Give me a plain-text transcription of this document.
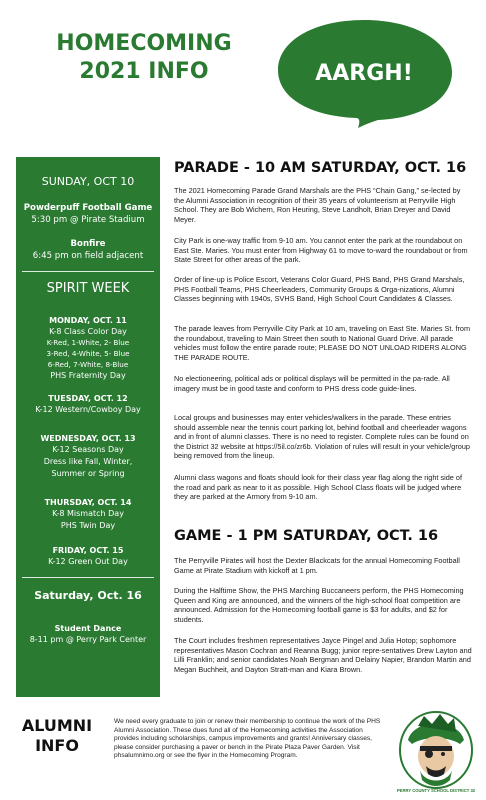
HOMECOMING
2021 INFO	AARGH!
SUNDAY, OCT 10
Powderpuff Football Game
5:30 pm @ Pirate Stadium
Bonfire
6:45 pm on field adjacent
SPIRIT WEEK
MONDAY, OCT. 11
K-8 Class Color Day
K-Red, 1-White, 2- Blue
3-Red, 4-White, 5- Blue
6-Red, 7-White, 8-Blue
PHS Fraternity Day
TUESDAY, OCT. 12
K-12 Western/Cowboy Day
WEDNESDAY, OCT. 13
K-12 Seasons Day
Dress like Fall, Winter,
Summer or Spring
THURSDAY, OCT. 14
K-8 Mismatch Day
PHS Twin Day
FRIDAY, OCT. 15
K-12 Green Out Day
Saturday, Oct. 16
Student Dance
8-11 pm @ Perry Park Center
PARADE - 10 AM SATURDAY, OCT. 16
The 2021 Homecoming Parade Grand Marshals are the PHS “Chain Gang,” se-lected by the Alumni Association in recognition of their 35 years of volunteerism at Perryville High School. They are Bob Wichern, Ron Heuring, Steve Landholt, Brian Dreyer and David Meyer.
City Park is one-way traffic from 9-10 am. You cannot enter the park at the roundabout on East Ste. Maries. You must enter from Highway 61 to move to-ward the roundabout or from State Street for other areas of the park.
Order of line-up is Police Escort, Veterans Color Guard, PHS Band, PHS Grand Marshals, PHS Football Teams, PHS Cheerleaders, Community Groups & Orga-nizations, Alumni Classes beginning with 1940s, SVHS Band, High School Court Candidates & Classes.
The parade leaves from Perryville City Park at 10 am, traveling on East Ste. Maries St. from the roundabout, traveling to Main Street then south to National Guard Drive. All parade vehicles must follow the entire parade route; PLEASE DO NOT UNLOAD RIDERS ALONG THE PARADE ROUTE.
No electioneering, political ads or political displays will be permitted in the pa-rade. All imagery must be in good taste and conform to PHS dress code guide-lines.
Local groups and businesses may enter vehicles/walkers in the parade. These entries should assemble near the tennis court parking lot, behind football and cheerleader wagons and in front of alumni classes. There is no need to register. Complete rules can be found on the District 32 website at https://5il.co/zr6b. Violation of rules will result in your vehicle/group being removed from the lineup.
Alumni class wagons and floats should look for their class year flag along the right side of the road and park as near to it as possible. High School Class floats will be judged where they are parked at the Armory from 9-10 am.
GAME - 1 PM SATURDAY, OCT. 16
The Perryville Pirates will host the Dexter Blackcats for the annual Homecoming Football Game at Pirate Stadium with kickoff at 1 pm.
During the Halftime Show, the PHS Marching Buccaneers perform, the PHS Homecoming Queen and King are announced, and the winners of the high-school float competition are announced. Admission for the Homecoming football game is $3 for adults, and $2 for students.
The Court includes freshmen representatives Jayce Pingel and Julia Hotop; sophomore representatives Mason Cochran and Reanna Bugg; junior repre-sentatives Drew Layton and Lilli Franklin; and senior candidates Noah Bergman and Delainy Napier, Brandon Martin and Megan Buchheit, and Dayton Stratt-man and Kiara Brown.
ALUMNI
INFO
We need every graduate to join or renew their membership to continue the work of the PHS Alumni Association. These dues fund all of the Homecoming activities the Association provides including scholarships, campus improvements and grants! Anniversary classes, please consider purchasing a paver or bench in the Pirate Plaza Paver Garden. Visit phsalumnimo.org or see the flyer in the Homecoming Program.
PERRY COUNTY SCHOOL DISTRICT 32
